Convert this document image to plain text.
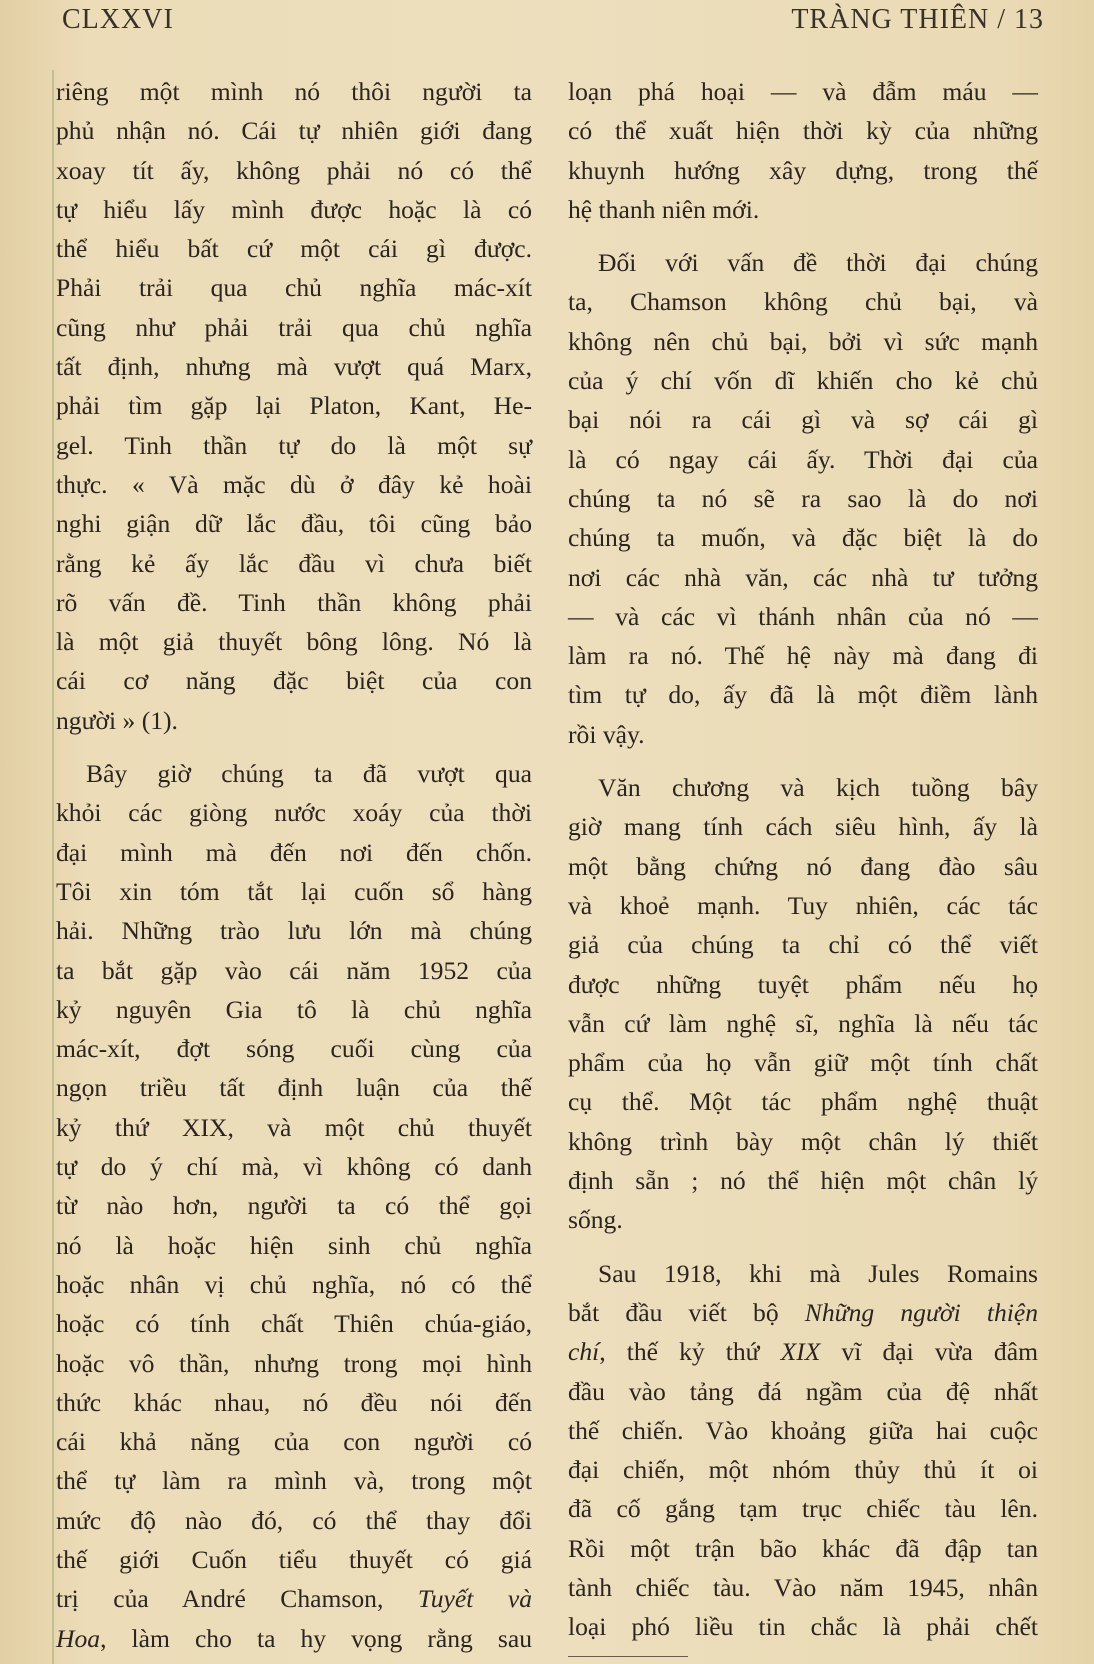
CLXXVI	TRÀNG THIÊN / 13

riêng một mình nó thôi người ta
phủ nhận nó. Cái tự nhiên giới đang
xoay tít ấy, không phải nó có thể
tự hiểu lấy mình được hoặc là có
thể hiểu bất cứ một cái gì được.
Phải trải qua chủ nghĩa mác-xít
cũng như phải trải qua chủ nghĩa
tất định, nhưng mà vượt quá Marx,
phải tìm gặp lại Platon, Kant, He-
gel. Tinh thần tự do là một sự
thực. « Và mặc dù ở đây kẻ hoài
nghi giận dữ lắc đầu, tôi cũng bảo
rằng kẻ ấy lắc đầu vì chưa biết
rõ vấn đề. Tinh thần không phải
là một giả thuyết bông lông. Nó là
cái cơ năng đặc biệt của con
người » (1).

Bây giờ chúng ta đã vượt qua
khỏi các giòng nước xoáy của thời
đại mình mà đến nơi đến chốn.
Tôi xin tóm tắt lại cuốn sổ hàng
hải. Những trào lưu lớn mà chúng
ta bắt gặp vào cái năm 1952 của
kỷ nguyên Gia tô là chủ nghĩa
mác-xít, đợt sóng cuối cùng của
ngọn triều tất định luận của thế
kỷ thứ XIX, và một chủ thuyết
tự do ý chí mà, vì không có danh
từ nào hơn, người ta có thể gọi
nó là hoặc hiện sinh chủ nghĩa
hoặc nhân vị chủ nghĩa, nó có thể
hoặc có tính chất Thiên chúa-giáo,
hoặc vô thần, nhưng trong mọi hình
thức khác nhau, nó đều nói đến
cái khả năng của con người có
thể tự làm ra mình và, trong một
mức độ nào đó, có thể thay đổi
thế giới Cuốn tiểu thuyết có giá
trị của André Chamson, Tuyết và
Hoa, làm cho ta hy vọng rằng sau

loạn phá hoại — và đẫm máu —
có thể xuất hiện thời kỳ của những
khuynh hướng xây dựng, trong thế
hệ thanh niên mới.

Đối với vấn đề thời đại chúng
ta, Chamson không chủ bại, và
không nên chủ bại, bởi vì sức mạnh
của ý chí vốn dĩ khiến cho kẻ chủ
bại nói ra cái gì và sợ cái gì
là có ngay cái ấy. Thời đại của
chúng ta nó sẽ ra sao là do nơi
chúng ta muốn, và đặc biệt là do
nơi các nhà văn, các nhà tư tưởng
— và các vì thánh nhân của nó —
làm ra nó. Thế hệ này mà đang đi
tìm tự do, ấy đã là một điềm lành
rồi vậy.

Văn chương và kịch tuồng bây
giờ mang tính cách siêu hình, ấy là
một bằng chứng nó đang đào sâu
và khoẻ mạnh. Tuy nhiên, các tác
giả của chúng ta chỉ có thể viết
được những tuyệt phẩm nếu họ
vẫn cứ làm nghệ sĩ, nghĩa là nếu tác
phẩm của họ vẫn giữ một tính chất
cụ thể. Một tác phẩm nghệ thuật
không trình bày một chân lý thiết
định sẵn ; nó thể hiện một chân lý
sống.

Sau 1918, khi mà Jules Romains
bắt đầu viết bộ Những người thiện
chí, thế kỷ thứ XIX vĩ đại vừa đâm
đầu vào tảng đá ngầm của đệ nhất
thế chiến. Vào khoảng giữa hai cuộc
đại chiến, một nhóm thủy thủ ít oi
đã cố gắng tạm trục chiếc tàu lên.
Rồi một trận bão khác đã đập tan
tành chiếc tàu. Vào năm 1945, nhân
loại phó liều tin chắc là phải chết
